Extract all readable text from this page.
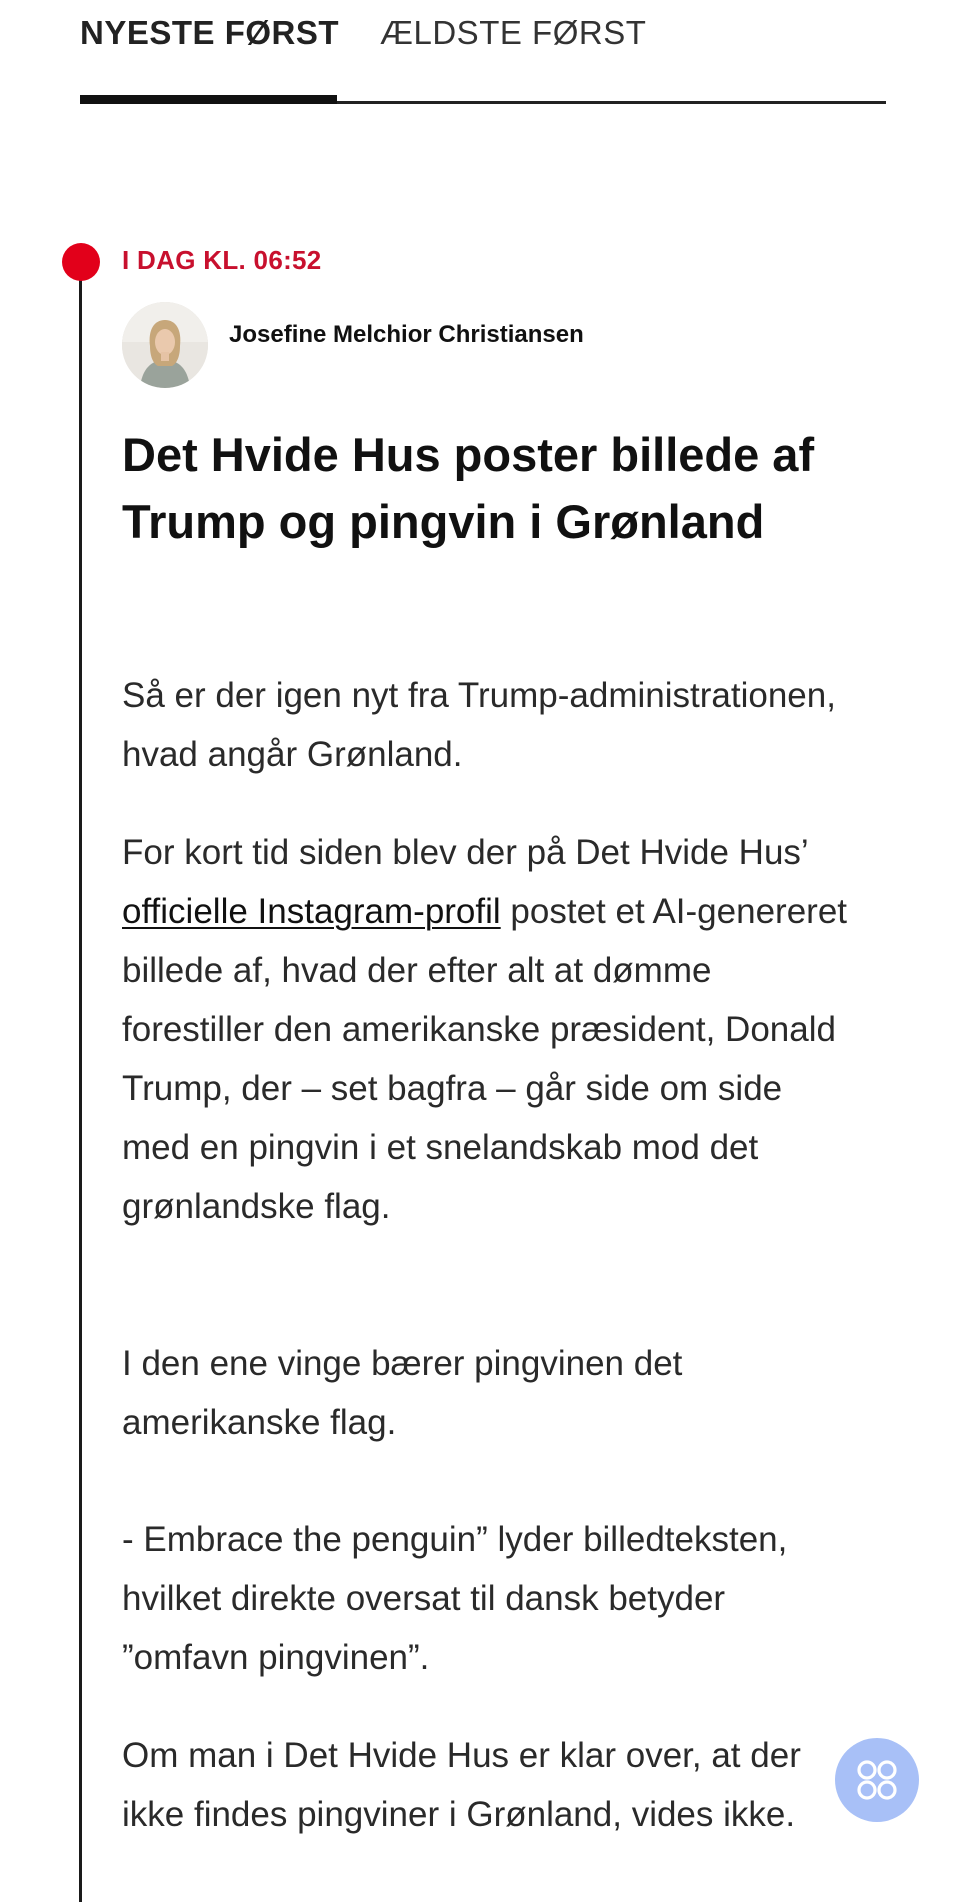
NYESTE FØRST ÆLDSTE FØRST
I DAG KL. 06:52
Josefine Melchior Christiansen
Det Hvide Hus poster billede af Trump og pingvin i Grønland

Så er der igen nyt fra Trump-administrationen, hvad angår Grønland.

For kort tid siden blev der på Det Hvide Hus’ officielle Instagram-profil postet et AI-genereret billede af, hvad der efter alt at dømme forestiller den amerikanske præsident, Donald Trump, der – set bagfra – går side om side med en pingvin i et snelandskab mod det grønlandske flag.

I den ene vinge bærer pingvinen det amerikanske flag.

- Embrace the penguin” lyder billedteksten, hvilket direkte oversat til dansk betyder ”omfavn pingvinen”.

Om man i Det Hvide Hus er klar over, at der ikke findes pingviner i Grønland, vides ikke.
